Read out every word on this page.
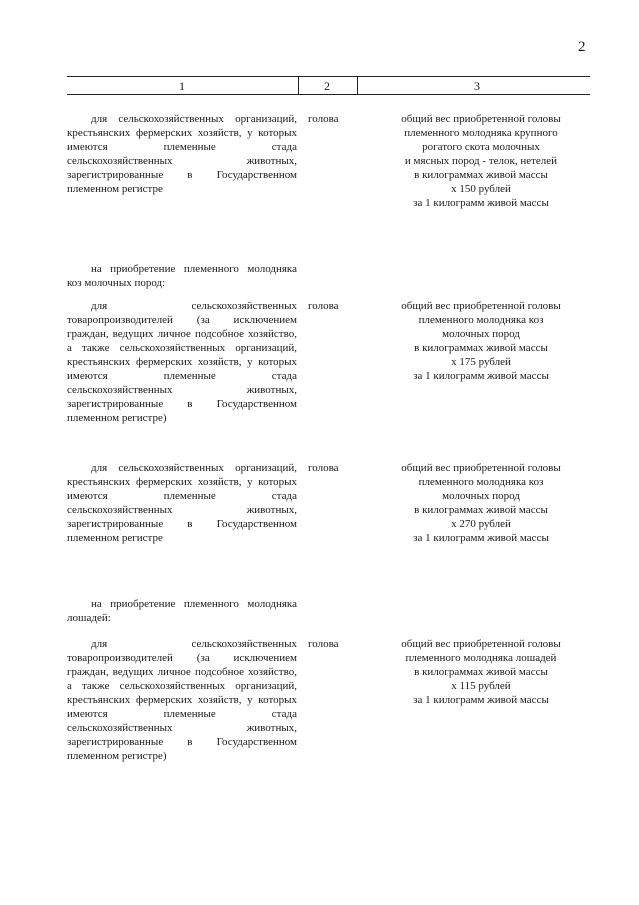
2
1	2	3
для сельскохозяйственных организаций, крестьянских фермерских хозяйств, у которых имеются племенные стада сельскохозяйственных животных, зарегистрированные в Государственном племенном регистре
голова	общий вес приобретенной головы
племенного молодняка крупного
рогатого скота молочных
и мясных пород - телок, нетелей
в килограммах живой массы
х 150 рублей
за 1 килограмм живой массы
на приобретение племенного молодняка коз молочных пород:
для сельскохозяйственных товаропроизводителей (за исключением граждан, ведущих личное подсобное хозяйство, а также сельскохозяйственных организаций, крестьянских фермерских хозяйств, у которых имеются племенные стада сельскохозяйственных животных, зарегистрированные в Государственном племенном регистре)
голова	общий вес приобретенной головы
племенного молодняка коз
молочных пород
в килограммах живой массы
х 175 рублей
за 1 килограмм живой массы
для сельскохозяйственных организаций, крестьянских фермерских хозяйств, у которых имеются племенные стада сельскохозяйственных животных, зарегистрированные в Государственном племенном регистре
голова	общий вес приобретенной головы
племенного молодняка коз
молочных пород
в килограммах живой массы
х 270 рублей
за 1 килограмм живой массы
на приобретение племенного молодняка лошадей:
для сельскохозяйственных товаропроизводителей (за исключением граждан, ведущих личное подсобное хозяйство, а также сельскохозяйственных организаций, крестьянских фермерских хозяйств, у которых имеются племенные стада сельскохозяйственных животных, зарегистрированные в Государственном племенном регистре)
голова	общий вес приобретенной головы
племенного молодняка лошадей
в килограммах живой массы
х 115 рублей
за 1 килограмм живой массы
